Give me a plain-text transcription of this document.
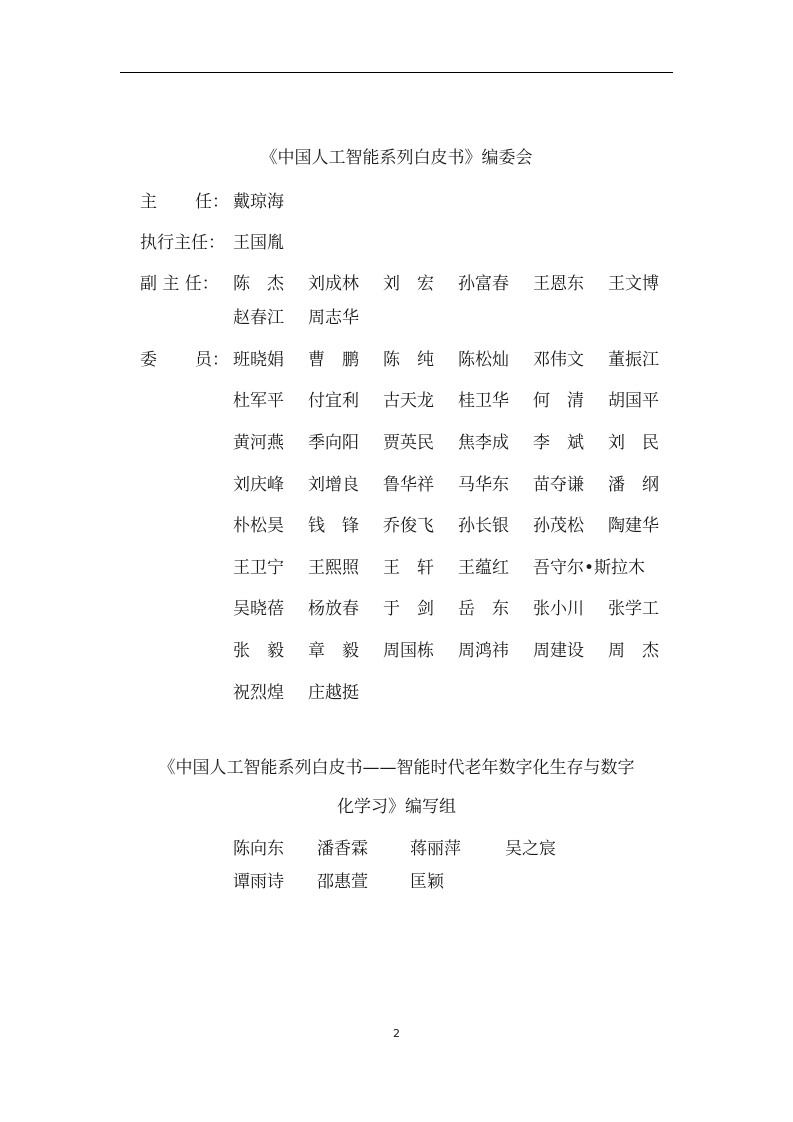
《中国人工智能系列白皮书》编委会
主 任： 戴琼海
执行主任： 王国胤
副 主 任： 陈　杰 刘成林 刘　宏 孙富春 王恩东 王文博
赵春江 周志华
委 员： 班晓娟 曹　鹏 陈　纯 陈松灿 邓伟文 董振江
杜军平 付宜利 古天龙 桂卫华 何　清 胡国平
黄河燕 季向阳 贾英民 焦李成 李　斌 刘　民
刘庆峰 刘增良 鲁华祥 马华东 苗夺谦 潘　纲
朴松昊 钱　锋 乔俊飞 孙长银 孙茂松 陶建华
王卫宁 王熙照 王　轩 王蕴红 吾守尔•斯拉木
吴晓蓓 杨放春 于　剑 岳　东 张小川 张学工
张　毅 章　毅 周国栋 周鸿祎 周建设 周　杰
祝烈煌 庄越挺
《中国人工智能系列白皮书——智能时代老年数字化生存与数字
化学习》编写组
陈向东 潘香霖 蒋丽萍	吴之宸
谭雨诗 邵惠萱 匡颖
2
